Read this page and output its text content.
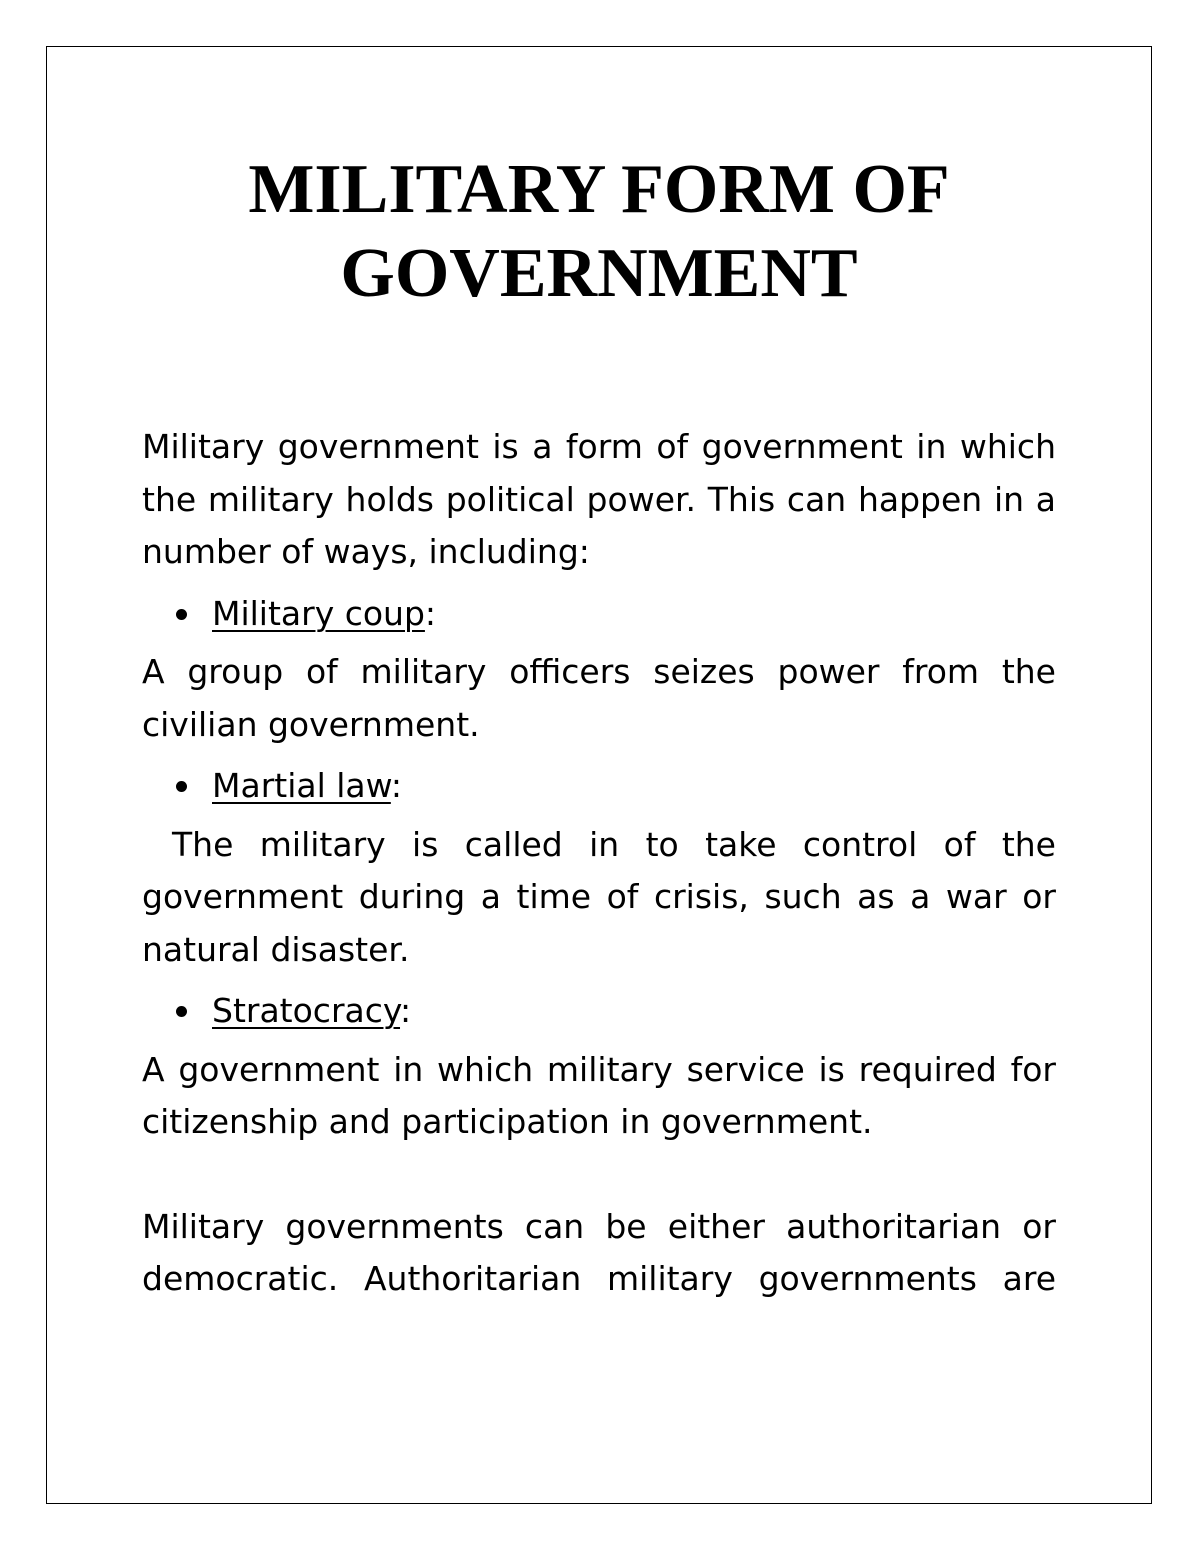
MILITARY FORM OF
GOVERNMENT

Military government is a form of government in which the military holds political power. This can happen in a number of ways, including:

Military coup:

A group of military officers seizes power from the civilian government.

Martial law:

The military is called in to take control of the government during a time of crisis, such as a war or natural disaster.

Stratocracy:

A government in which military service is required for citizenship and participation in government.

Military governments can be either authoritarian or democratic. Authoritarian military governments are
